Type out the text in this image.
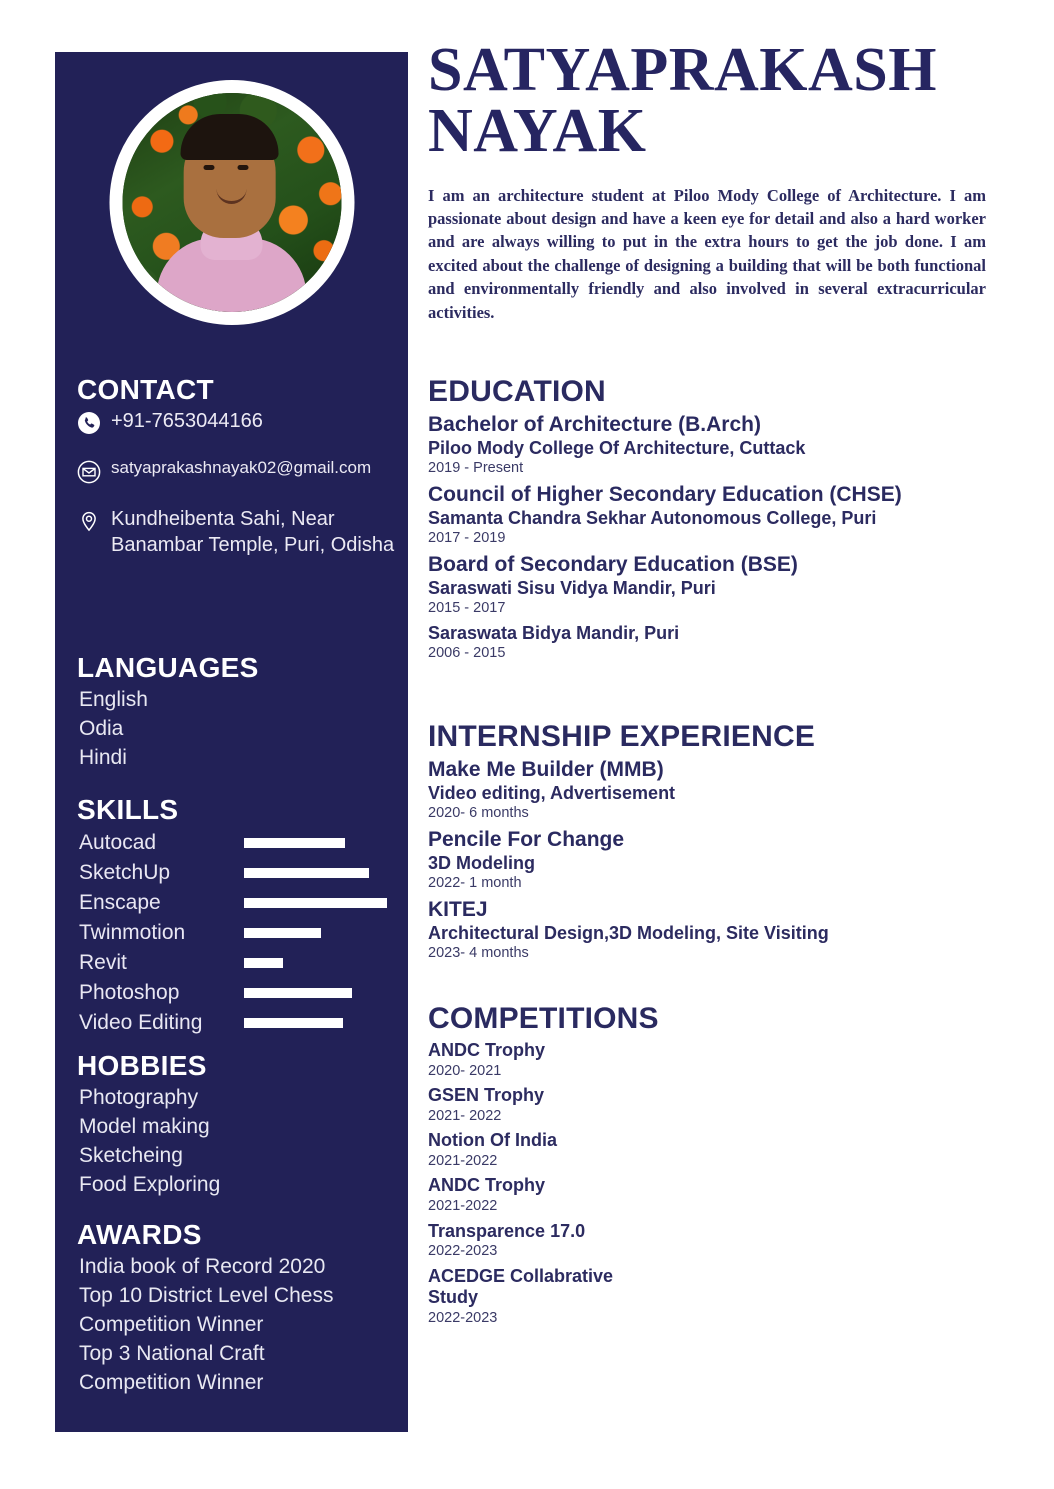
CONTACT
+91-7653044166
satyaprakashnayak02@gmail.com
Kundheibenta Sahi, Near Banambar Temple, Puri, Odisha
LANGUAGES
English
Odia
Hindi
SKILLS
Autocad
SketchUp
Enscape
Twinmotion
Revit
Photoshop
Video Editing
HOBBIES
Photography
Model making
Sketcheing
Food Exploring
AWARDS
India book of Record 2020
Top 10 District Level Chess Competition Winner
Top 3 National Craft Competition Winner
SATYAPRAKASH
NAYAK

I am an architecture student at Piloo Mody College of Architecture. I am passionate about design and have a keen eye for detail and also a hard worker and are always willing to put in the extra hours to get the job done. I am excited about the challenge of designing a building that will be both functional and environmentally friendly and also involved in several extracurricular activities.

EDUCATION

Bachelor of Architecture (B.Arch)

Piloo Mody College Of Architecture, Cuttack

2019 - Present

Council of Higher Secondary Education (CHSE)

Samanta Chandra Sekhar Autonomous College, Puri

2017 - 2019

Board of Secondary Education (BSE)

Saraswati Sisu Vidya Mandir, Puri

2015 - 2017

Saraswata Bidya Mandir, Puri

2006 - 2015

INTERNSHIP EXPERIENCE

Make Me Builder (MMB)

Video editing, Advertisement

2020- 6 months

Pencile For Change

3D Modeling

2022- 1 month

KITEJ

Architectural Design,3D Modeling, Site Visiting

2023- 4 months

COMPETITIONS

ANDC Trophy

2020- 2021

GSEN Trophy

2021- 2022

Notion Of India

2021-2022

ANDC Trophy

2021-2022

Transparence 17.0

2022-2023

ACEDGE Collabrative Study

2022-2023
